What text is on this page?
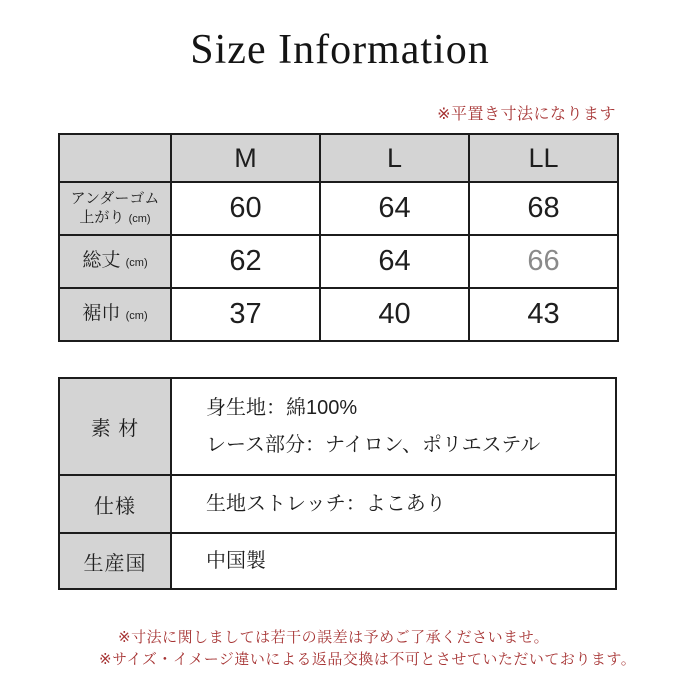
Size Information
※平置き寸法になります
	M	L	LL

アンダーゴム
上がり (cm)	60	64	68
総丈 (cm)	62	64	66
裾巾 (cm)	37	40	43
素 材	身生地：綿100%
レース部分：ナイロン、ポリエステル
仕様	生地ストレッチ：よこあり
生産国	中国製
※寸法に関しましては若干の誤差は予めご了承くださいませ。
※サイズ・イメージ違いによる返品交換は不可とさせていただいております。
